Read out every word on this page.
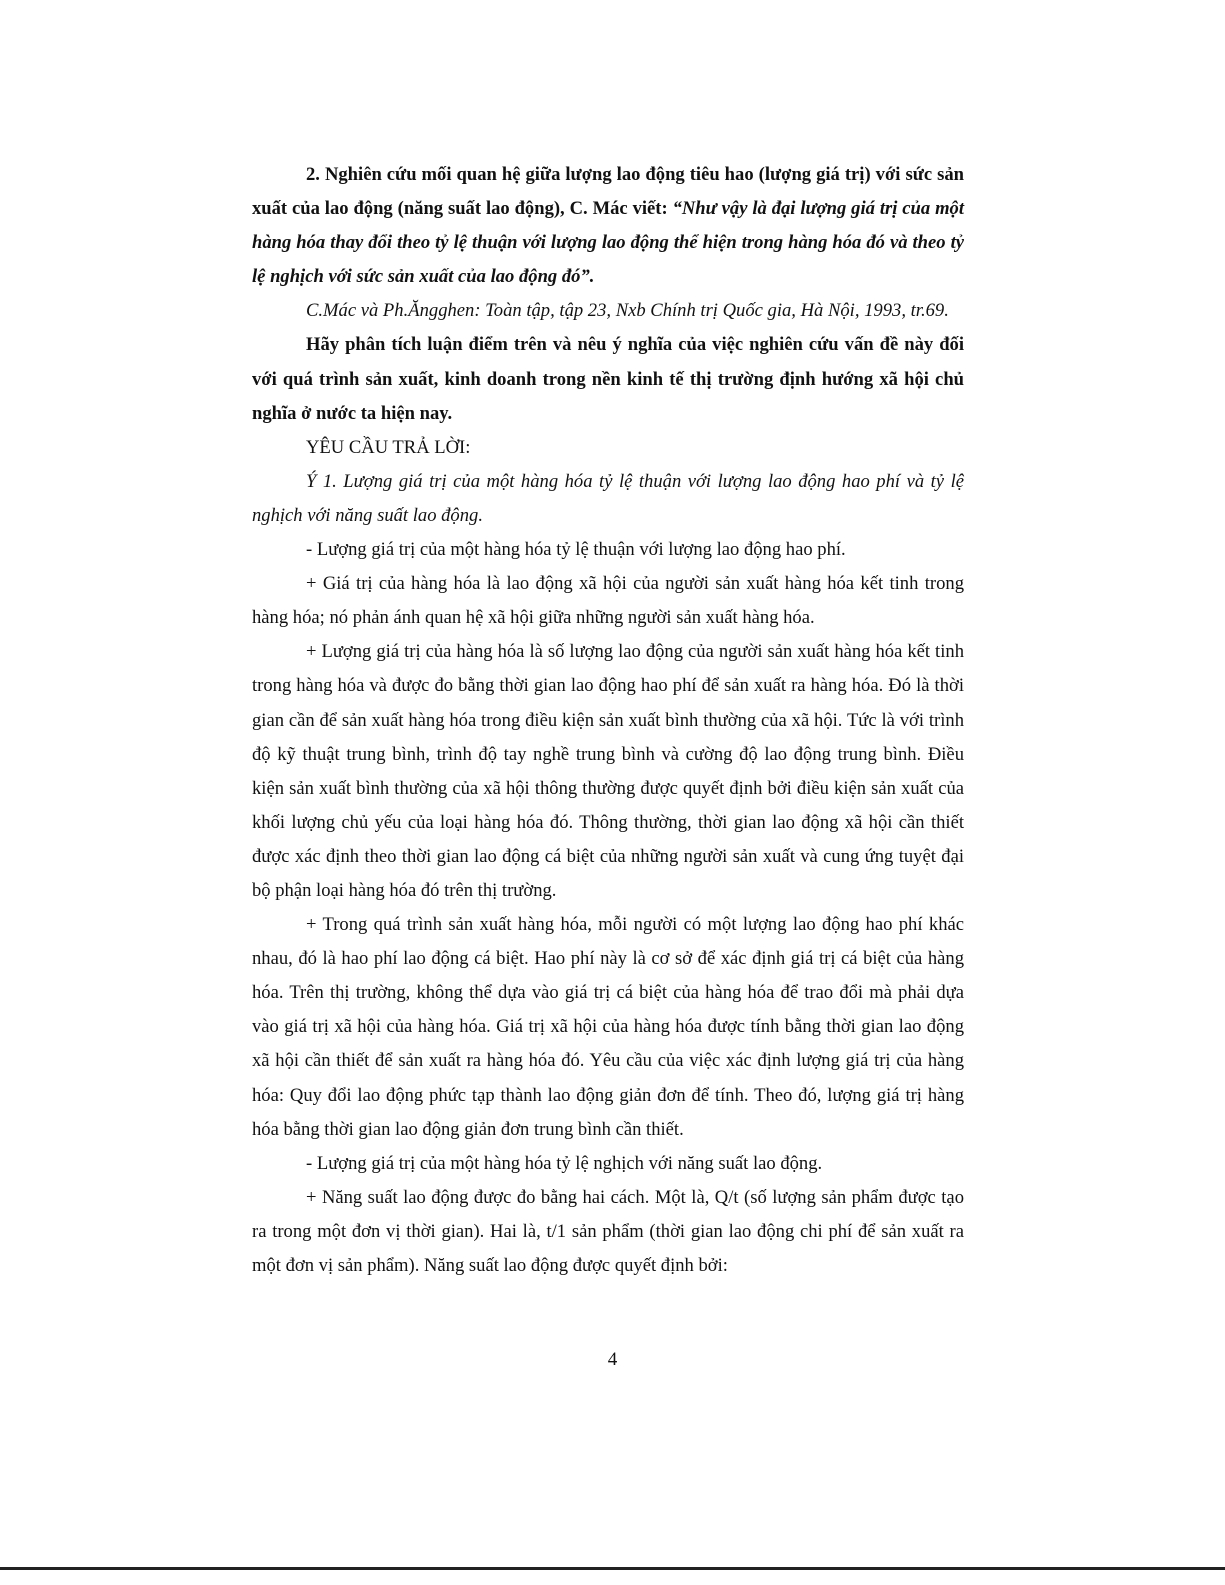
2. Nghiên cứu mối quan hệ giữa lượng lao động tiêu hao (lượng giá trị) với sức sản xuất của lao động (năng suất lao động), C. Mác viết: “Như vậy là đại lượng giá trị của một hàng hóa thay đổi theo tỷ lệ thuận với lượng lao động thể hiện trong hàng hóa đó và theo tỷ lệ nghịch với sức sản xuất của lao động đó”.

C.Mác và Ph.Ăngghen: Toàn tập, tập 23, Nxb Chính trị Quốc gia, Hà Nội, 1993, tr.69.

Hãy phân tích luận điểm trên và nêu ý nghĩa của việc nghiên cứu vấn đề này đối với quá trình sản xuất, kinh doanh trong nền kinh tế thị trường định hướng xã hội chủ nghĩa ở nước ta hiện nay.

YÊU CẦU TRẢ LỜI:

Ý 1. Lượng giá trị của một hàng hóa tỷ lệ thuận với lượng lao động hao phí và tỷ lệ nghịch với năng suất lao động.

- Lượng giá trị của một hàng hóa tỷ lệ thuận với lượng lao động hao phí.

+ Giá trị của hàng hóa là lao động xã hội của người sản xuất hàng hóa kết tinh trong hàng hóa; nó phản ánh quan hệ xã hội giữa những người sản xuất hàng hóa.

+ Lượng giá trị của hàng hóa là số lượng lao động của người sản xuất hàng hóa kết tinh trong hàng hóa và được đo bằng thời gian lao động hao phí để sản xuất ra hàng hóa. Đó là thời gian cần để sản xuất hàng hóa trong điều kiện sản xuất bình thường của xã hội. Tức là với trình độ kỹ thuật trung bình, trình độ tay nghề trung bình và cường độ lao động trung bình. Điều kiện sản xuất bình thường của xã hội thông thường được quyết định bởi điều kiện sản xuất của khối lượng chủ yếu của loại hàng hóa đó. Thông thường, thời gian lao động xã hội cần thiết được xác định theo thời gian lao động cá biệt của những người sản xuất và cung ứng tuyệt đại bộ phận loại hàng hóa đó trên thị trường.

+ Trong quá trình sản xuất hàng hóa, mỗi người có một lượng lao động hao phí khác nhau, đó là hao phí lao động cá biệt. Hao phí này là cơ sở để xác định giá trị cá biệt của hàng hóa. Trên thị trường, không thể dựa vào giá trị cá biệt của hàng hóa để trao đổi mà phải dựa vào giá trị xã hội của hàng hóa. Giá trị xã hội của hàng hóa được tính bằng thời gian lao động xã hội cần thiết để sản xuất ra hàng hóa đó. Yêu cầu của việc xác định lượng giá trị của hàng hóa: Quy đổi lao động phức tạp thành lao động giản đơn để tính. Theo đó, lượng giá trị hàng hóa bằng thời gian lao động giản đơn trung bình cần thiết.

- Lượng giá trị của một hàng hóa tỷ lệ nghịch với năng suất lao động.

+ Năng suất lao động được đo bằng hai cách. Một là, Q/t (số lượng sản phẩm được tạo ra trong một đơn vị thời gian). Hai là, t/1 sản phẩm (thời gian lao động chi phí để sản xuất ra một đơn vị sản phẩm). Năng suất lao động được quyết định bởi:

4
